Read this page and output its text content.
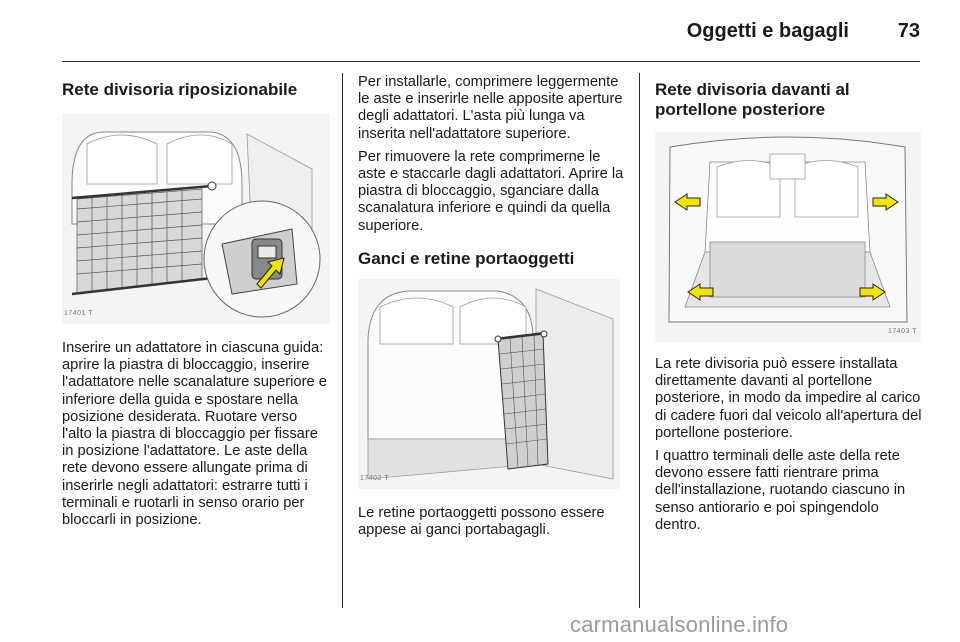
Oggetti e bagagli 73
Rete divisoria riposizionabile
17401 T

Inserire un adattatore in ciascuna guida: aprire la piastra di bloccaggio, inserire l'adattatore nelle scanalature superiore e inferiore della guida e spostare nella posizione desiderata. Ruotare verso l'alto la piastra di bloccaggio per fissare in posizione l'adattatore. Le aste della rete devono essere allungate prima di inserirle negli adattatori: estrarre tutti i terminali e ruotarli in senso orario per bloccarli in posizione.

Per installarle, comprimere leggermente le aste e inserirle nelle apposite aperture degli adattatori. L'asta più lunga va inserita nell'adattatore superiore.

Per rimuovere la rete comprimerne le aste e staccarle dagli adattatori. Aprire la piastra di bloccaggio, sganciare dalla scanalatura inferiore e quindi da quella superiore.

Ganci e retine portaoggetti
17402 T

Le retine portaoggetti possono essere appese ai ganci portabagagli.

Rete divisoria davanti al
portellone posteriore
17403 T

La rete divisoria può essere installata direttamente davanti al portellone posteriore, in modo da impedire al carico di cadere fuori dal veicolo all'apertura del portellone posteriore.

I quattro terminali delle aste della rete devono essere fatti rientrare prima dell'installazione, ruotando ciascuno in senso antiorario e poi spingendolo dentro.

carmanualsonline.info
